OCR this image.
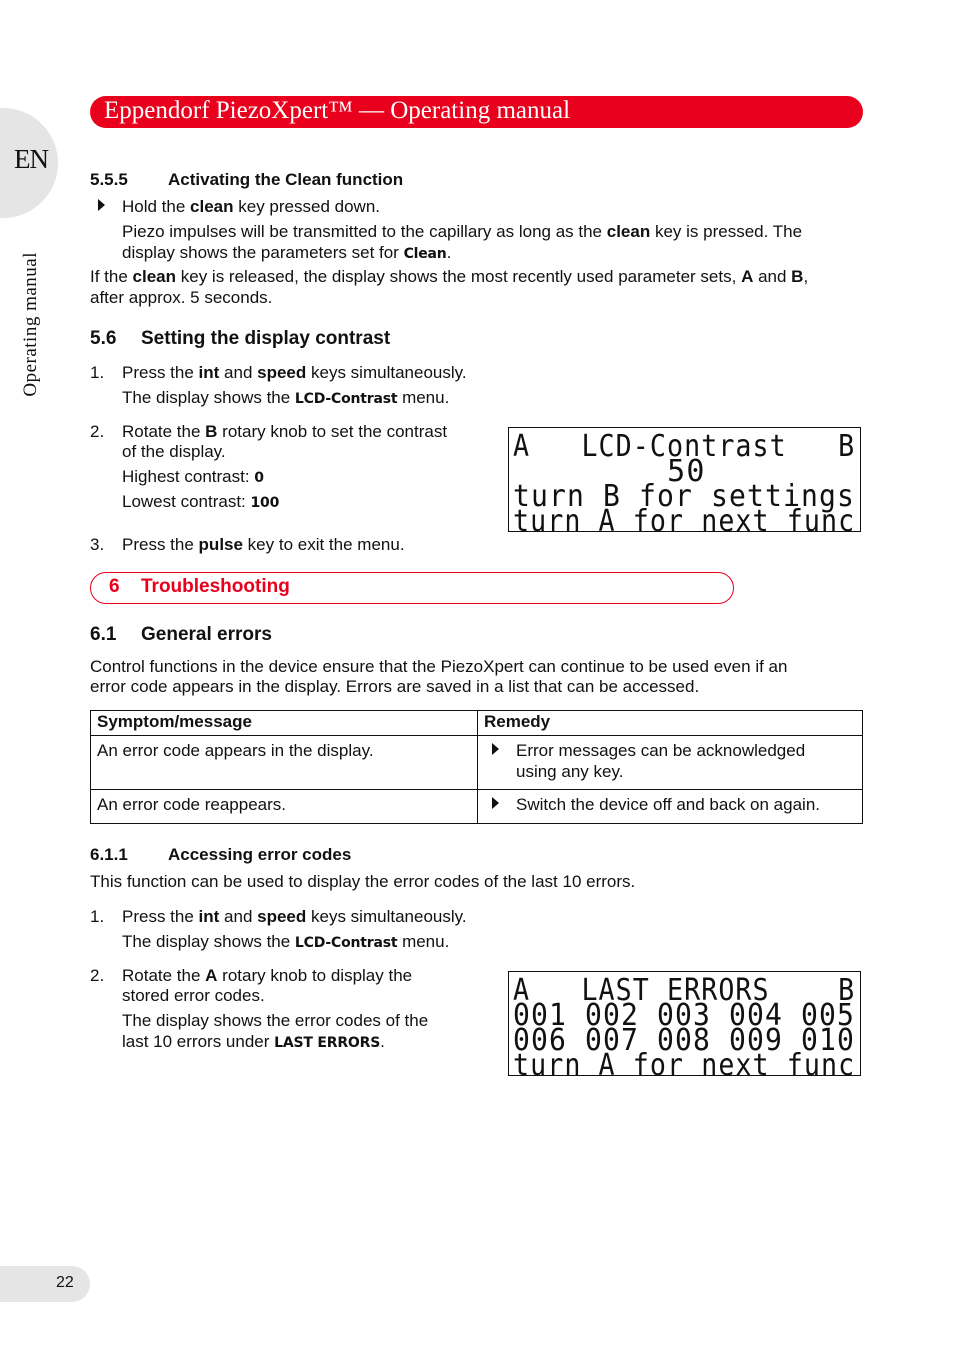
EN
Operating manual
Eppendorf PiezoXpert™ — Operating manual
5.5.5 Activating the Clean function
Hold the clean key pressed down.
Piezo impulses will be transmitted to the capillary as long as the clean key is pressed. The
display shows the parameters set for Clean.
If the clean key is released, the display shows the most recently used parameter sets, A and B,
after approx. 5 seconds.
5.6 Setting the display contrast
1. Press the int and speed keys simultaneously.
The display shows the LCD-Contrast menu.
2. Rotate the B rotary knob to set the contrast
of the display.
Highest contrast: 0
Lowest contrast: 100
3. Press the pulse key to exit the menu.
A   LCD-Contrast   B
50
turn B for settings
turn A for next func
6 Troubleshooting
6.1 General errors
Control functions in the device ensure that the PiezoXpert can continue to be used even if an
error code appears in the display. Errors are saved in a list that can be accessed.
Symptom/message	Remedy

An error code appears in the display.	Error messages can be acknowledged
using any key.

An error code reappears.	Switch the device off and back on again.
6.1.1 Accessing error codes
This function can be used to display the error codes of the last 10 errors.
1. Press the int and speed keys simultaneously.
The display shows the LCD-Contrast menu.
2. Rotate the A rotary knob to display the
stored error codes.
The display shows the error codes of the
last 10 errors under LAST ERRORS.
A   LAST ERRORS    B
001 002 003 004 005
006 007 008 009 010
turn A for next func
22
